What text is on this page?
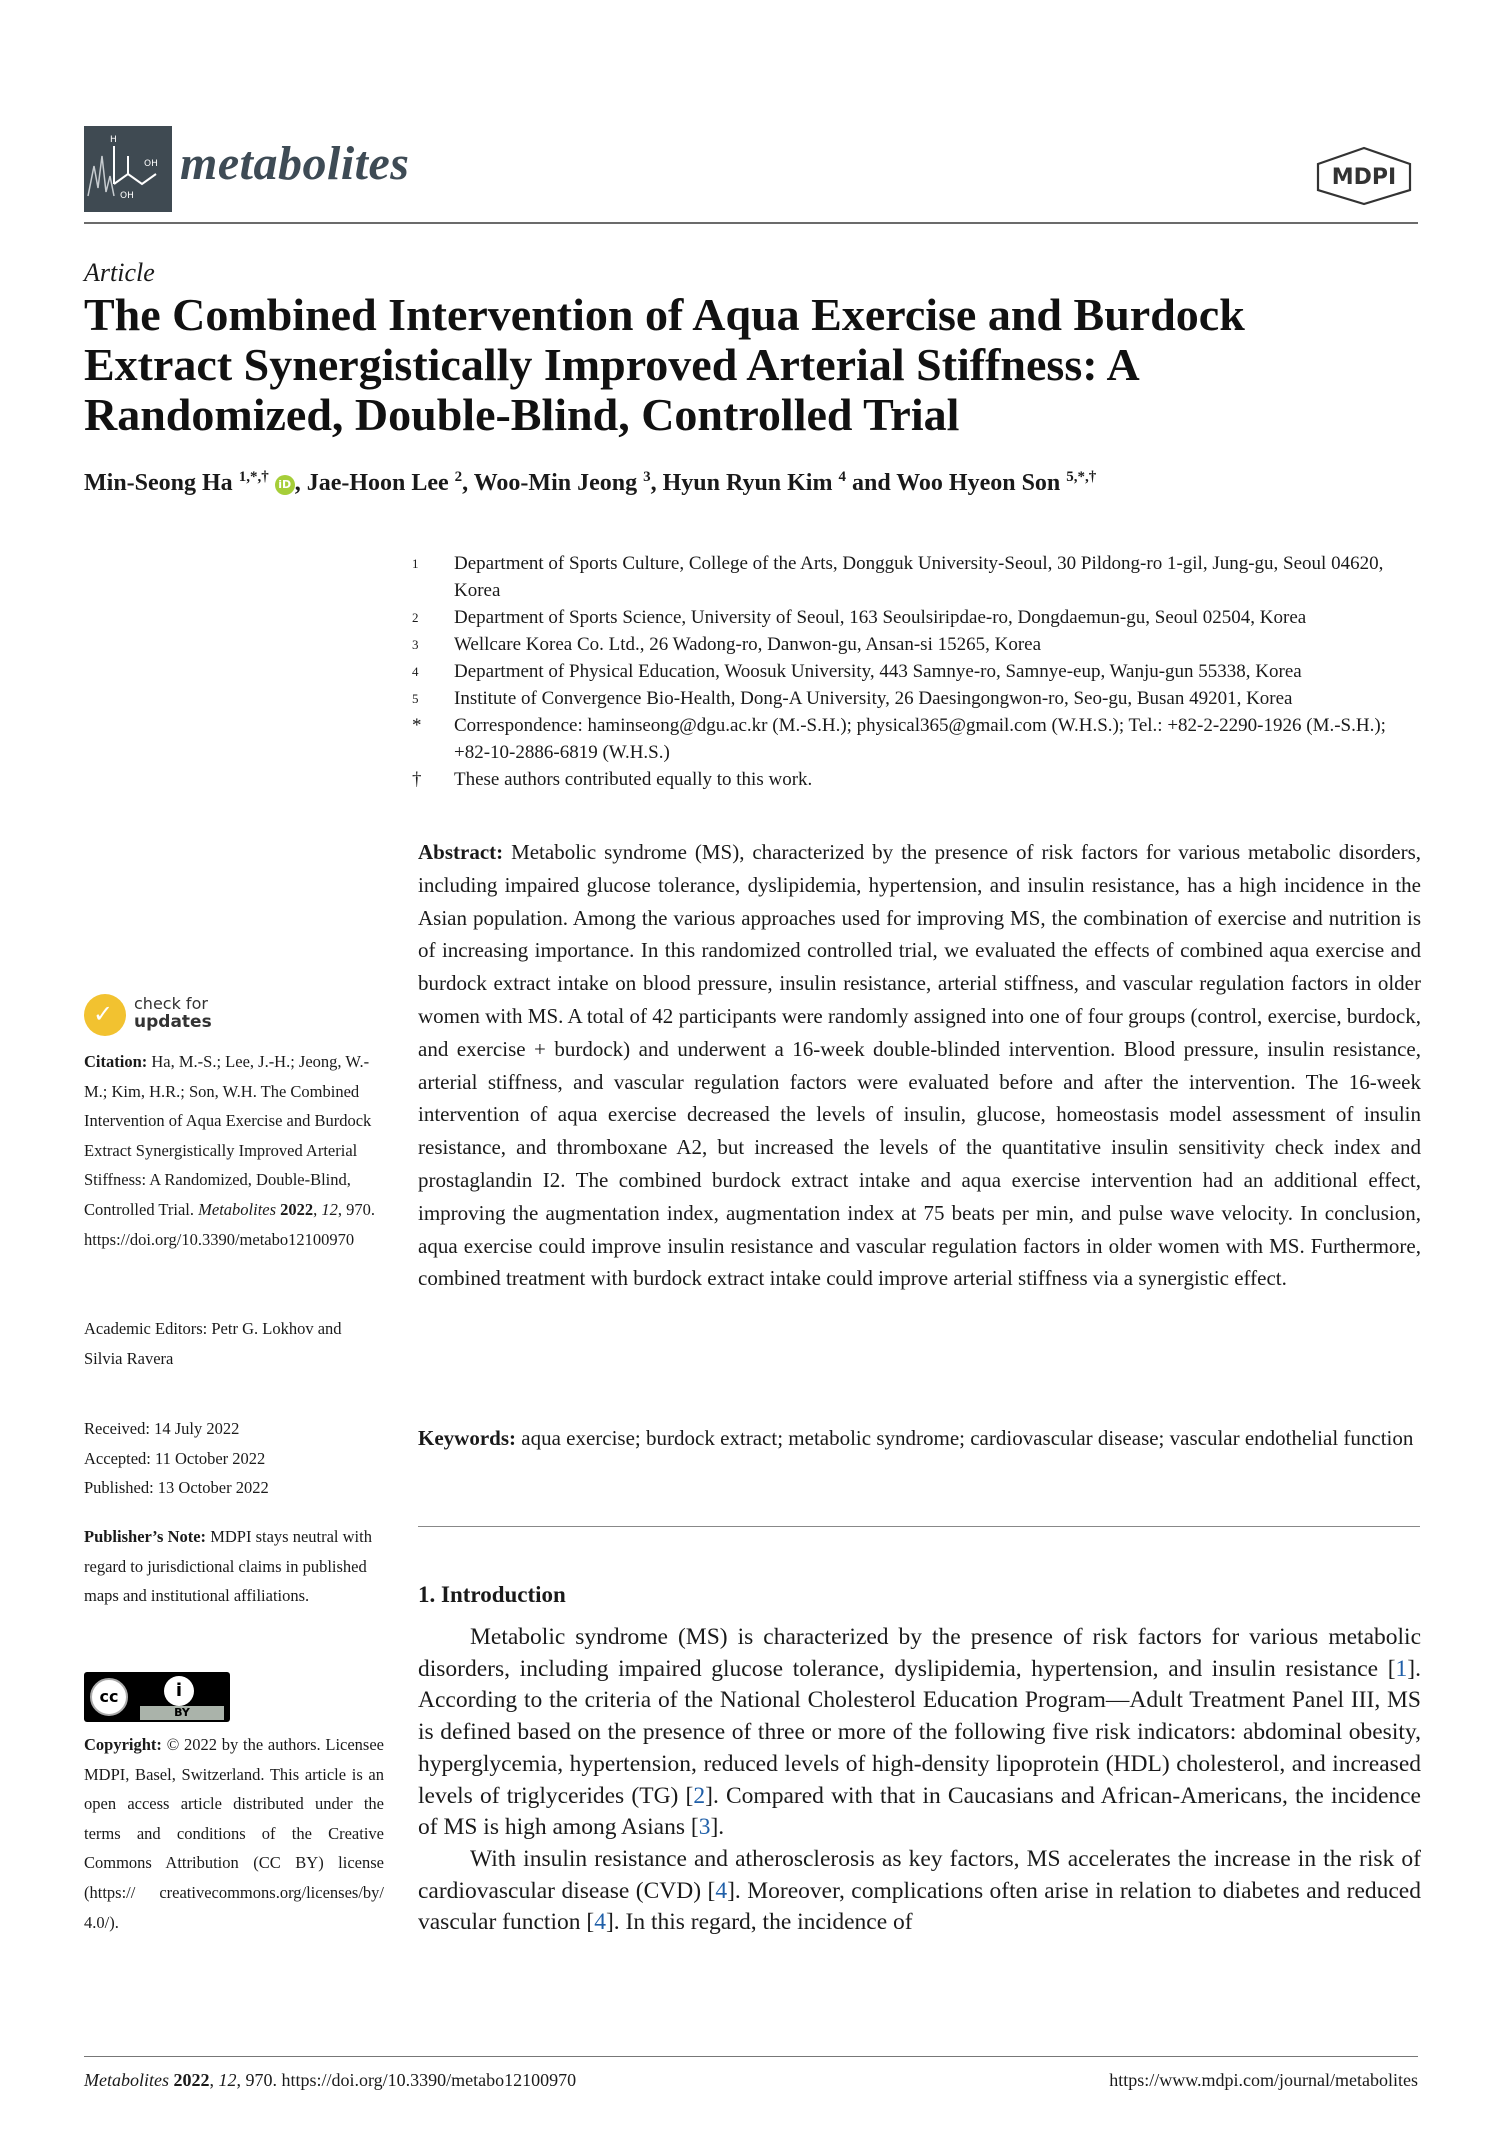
H
OH
OH
metabolites	MDPI
Article
The Combined Intervention of Aqua Exercise and Burdock Extract Synergistically Improved Arterial Stiffness: A Randomized, Double-Blind, Controlled Trial
Min-Seong Ha $^{1,*,\dagger}$ iD , Jae-Hoon Lee $^2$, Woo-Min Jeong $^3$, Hyun Ryun Kim $^4$ and Woo Hyeon Son $^{5,*,\dagger}$
1	Department of Sports Culture, College of the Arts, Dongguk University-Seoul, 30 Pildong-ro 1-gil, Jung-gu, Seoul 04620, Korea
2	Department of Sports Science, University of Seoul, 163 Seoulsiripdae-ro, Dongdaemun-gu, Seoul 02504, Korea
3	Wellcare Korea Co. Ltd., 26 Wadong-ro, Danwon-gu, Ansan-si 15265, Korea
4	Department of Physical Education, Woosuk University, 443 Samnye-ro, Samnye-eup, Wanju-gun 55338, Korea
5	Institute of Convergence Bio-Health, Dong-A University, 26 Daesingongwon-ro, Seo-gu, Busan 49201, Korea
*	Correspondence: haminseong@dgu.ac.kr (M.-S.H.); physical365@gmail.com (W.H.S.); Tel.: +82-2-2290-1926 (M.-S.H.); +82-10-2886-6819 (W.H.S.)
†	These authors contributed equally to this work.
Abstract: Metabolic syndrome (MS), characterized by the presence of risk factors for various metabolic disorders, including impaired glucose tolerance, dyslipidemia, hypertension, and insulin resistance, has a high incidence in the Asian population. Among the various approaches used for improving MS, the combination of exercise and nutrition is of increasing importance. In this randomized controlled trial, we evaluated the effects of combined aqua exercise and burdock extract intake on blood pressure, insulin resistance, arterial stiffness, and vascular regulation factors in older women with MS. A total of 42 participants were randomly assigned into one of four groups (control, exercise, burdock, and exercise + burdock) and underwent a 16-week double-blinded intervention. Blood pressure, insulin resistance, arterial stiffness, and vascular regulation factors were evaluated before and after the intervention. The 16-week intervention of aqua exercise decreased the levels of insulin, glucose, homeostasis model assessment of insulin resistance, and thromboxane A2, but increased the levels of the quantitative insulin sensitivity check index and prostaglandin I2. The combined burdock extract intake and aqua exercise intervention had an additional effect, improving the augmentation index, augmentation index at 75 beats per min, and pulse wave velocity. In conclusion, aqua exercise could improve insulin resistance and vascular regulation factors in older women with MS. Furthermore, combined treatment with burdock extract intake could improve arterial stiffness via a synergistic effect.
Keywords: aqua exercise; burdock extract; metabolic syndrome; cardiovascular disease; vascular endothelial function
1. Introduction

Metabolic syndrome (MS) is characterized by the presence of risk factors for various metabolic disorders, including impaired glucose tolerance, dyslipidemia, hypertension, and insulin resistance [1]. According to the criteria of the National Cholesterol Education Program—Adult Treatment Panel III, MS is defined based on the presence of three or more of the following five risk indicators: abdominal obesity, hyperglycemia, hypertension, reduced levels of high-density lipoprotein (HDL) cholesterol, and increased levels of triglycerides (TG) [2]. Compared with that in Caucasians and African-Americans, the incidence of MS is high among Asians [3].

With insulin resistance and atherosclerosis as key factors, MS accelerates the increase in the risk of cardiovascular disease (CVD) [4]. Moreover, complications often arise in relation to diabetes and reduced vascular function [4]. In this regard, the incidence of

✓ check for
updates
Citation: Ha, M.-S.; Lee, J.-H.; Jeong, W.-M.; Kim, H.R.; Son, W.H. The Combined Intervention of Aqua Exercise and Burdock Extract Synergistically Improved Arterial Stiffness: A Randomized, Double-Blind, Controlled Trial. Metabolites 2022, 12, 970. https://doi.org/10.3390/metabo12100970
Academic Editors: Petr G. Lokhov and Silvia Ravera
Received: 14 July 2022
Accepted: 11 October 2022
Published: 13 October 2022
Publisher’s Note: MDPI stays neutral with regard to jurisdictional claims in published maps and institutional affiliations.
cc	i
BY
Copyright: © 2022 by the authors. Licensee MDPI, Basel, Switzerland. This article is an open access article distributed under the terms and conditions of the Creative Commons Attribution (CC BY) license (https:// creativecommons.org/licenses/by/ 4.0/).
Metabolites 2022, 12, 970. https://doi.org/10.3390/metabo12100970	https://www.mdpi.com/journal/metabolites
